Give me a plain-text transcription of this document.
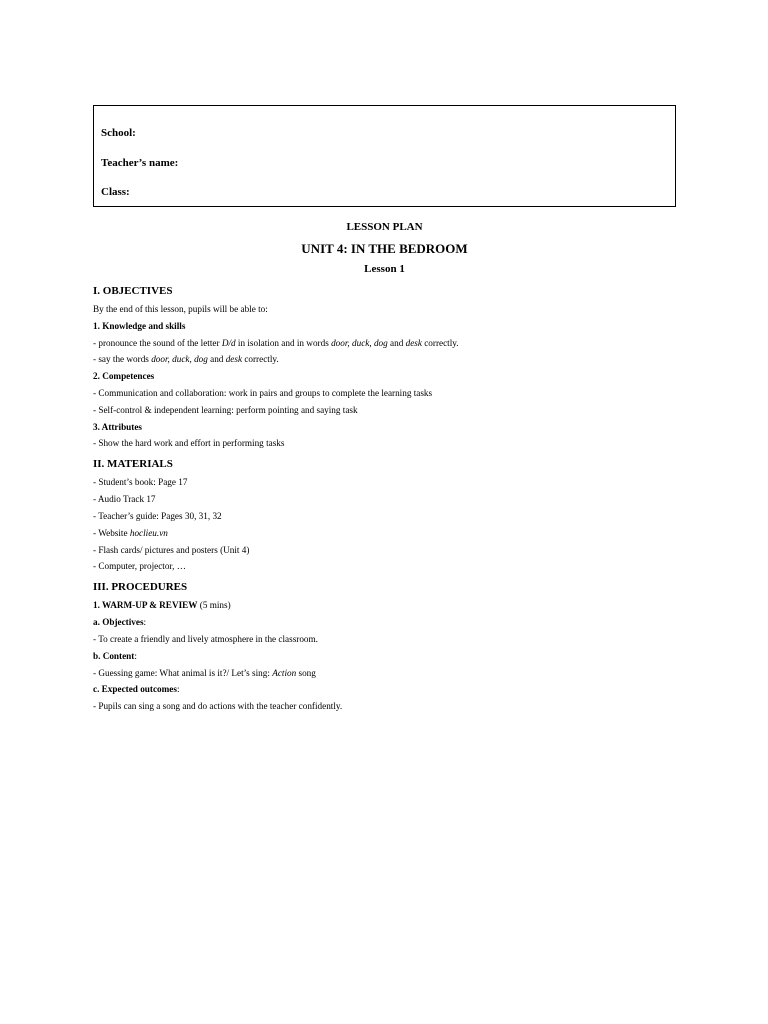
School:
Teacher’s name:
Class:
LESSON PLAN
UNIT 4: IN THE BEDROOM
Lesson 1
I. OBJECTIVES
By the end of this lesson, pupils will be able to:
1. Knowledge and skills
- pronounce the sound of the letter D/d in isolation and in words door, duck, dog and desk correctly.
- say the words door, duck, dog and desk correctly.
2. Competences
- Communication and collaboration: work in pairs and groups to complete the learning tasks
- Self-control & independent learning: perform pointing and saying task
3. Attributes
- Show the hard work and effort in performing tasks
II. MATERIALS
- Student’s book: Page 17
- Audio Track 17
- Teacher’s guide: Pages 30, 31, 32
- Website hoclieu.vn
- Flash cards/ pictures and posters (Unit 4)
- Computer, projector, …
III. PROCEDURES
1. WARM-UP & REVIEW (5 mins)
a. Objectives:
- To create a friendly and lively atmosphere in the classroom.
b. Content:
- Guessing game: What animal is it?/ Let’s sing: Action song
c. Expected outcomes:
- Pupils can sing a song and do actions with the teacher confidently.
